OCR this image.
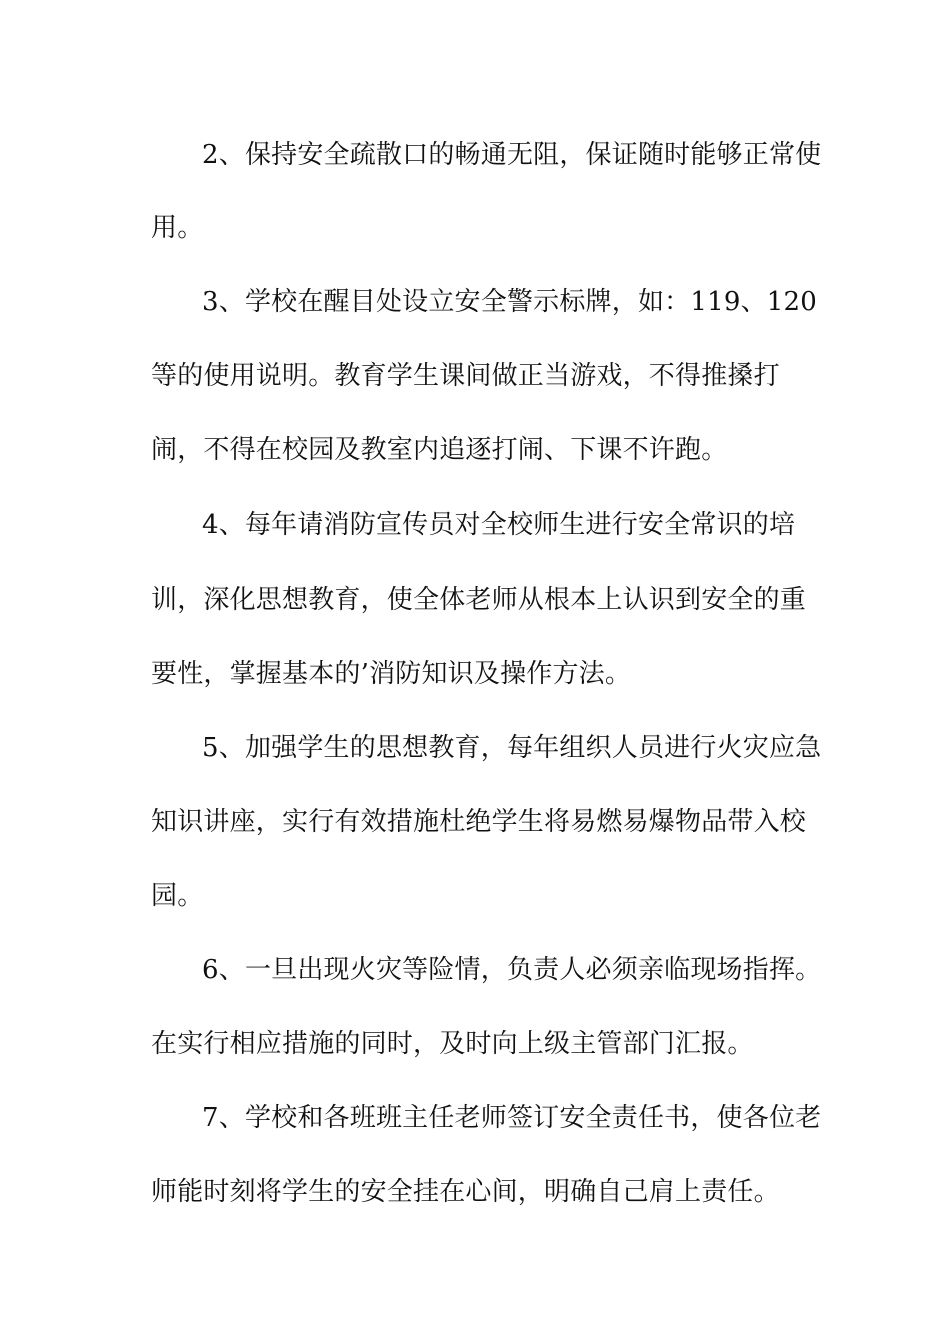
2、保持安全疏散口的畅通无阻，保证随时能够正常使
用。
3、学校在醒目处设立安全警示标牌，如：119、120
等的使用说明。教育学生课间做正当游戏，不得推搡打
闹，不得在校园及教室内追逐打闹、下课不许跑。
4、每年请消防宣传员对全校师生进行安全常识的培
训，深化思想教育，使全体老师从根本上认识到安全的重
要性，掌握基本的’消防知识及操作方法。
5、加强学生的思想教育，每年组织人员进行火灾应急
知识讲座，实行有效措施杜绝学生将易燃易爆物品带入校
园。
6、一旦出现火灾等险情，负责人必须亲临现场指挥。
在实行相应措施的同时，及时向上级主管部门汇报。
7、学校和各班班主任老师签订安全责任书，使各位老
师能时刻将学生的安全挂在心间，明确自己肩上责任。
